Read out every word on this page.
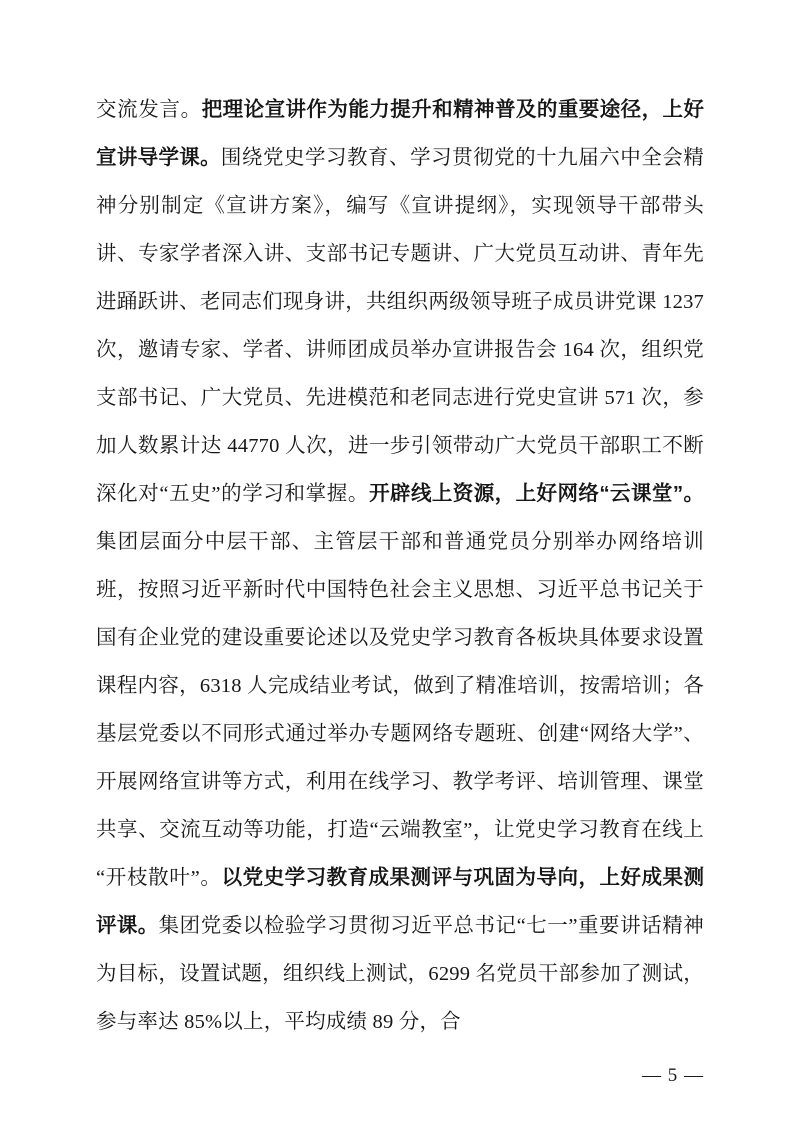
交流发言。把理论宣讲作为能力提升和精神普及的重要途径，上好宣讲导学课。围绕党史学习教育、学习贯彻党的十九届六中全会精神分别制定《宣讲方案》，编写《宣讲提纲》，实现领导干部带头讲、专家学者深入讲、支部书记专题讲、广大党员互动讲、青年先进踊跃讲、老同志们现身讲，共组织两级领导班子成员讲党课 1237 次，邀请专家、学者、讲师团成员举办宣讲报告会 164 次，组织党支部书记、广大党员、先进模范和老同志进行党史宣讲 571 次，参加人数累计达 44770 人次，进一步引领带动广大党员干部职工不断深化对“五史”的学习和掌握。开辟线上资源，上好网络“云课堂”。集团层面分中层干部、主管层干部和普通党员分别举办网络培训班，按照习近平新时代中国特色社会主义思想、习近平总书记关于国有企业党的建设重要论述以及党史学习教育各板块具体要求设置课程内容，6318 人完成结业考试，做到了精准培训，按需培训；各基层党委以不同形式通过举办专题网络专题班、创建“网络大学”、开展网络宣讲等方式，利用在线学习、教学考评、培训管理、课堂共享、交流互动等功能，打造“云端教室”，让党史学习教育在线上“开枝散叶”。以党史学习教育成果测评与巩固为导向，上好成果测评课。集团党委以检验学习贯彻习近平总书记“七一”重要讲话精神为目标，设置试题，组织线上测试，6299 名党员干部参加了测试，参与率达 85%以上，平均成绩 89 分，合

— 5 —
